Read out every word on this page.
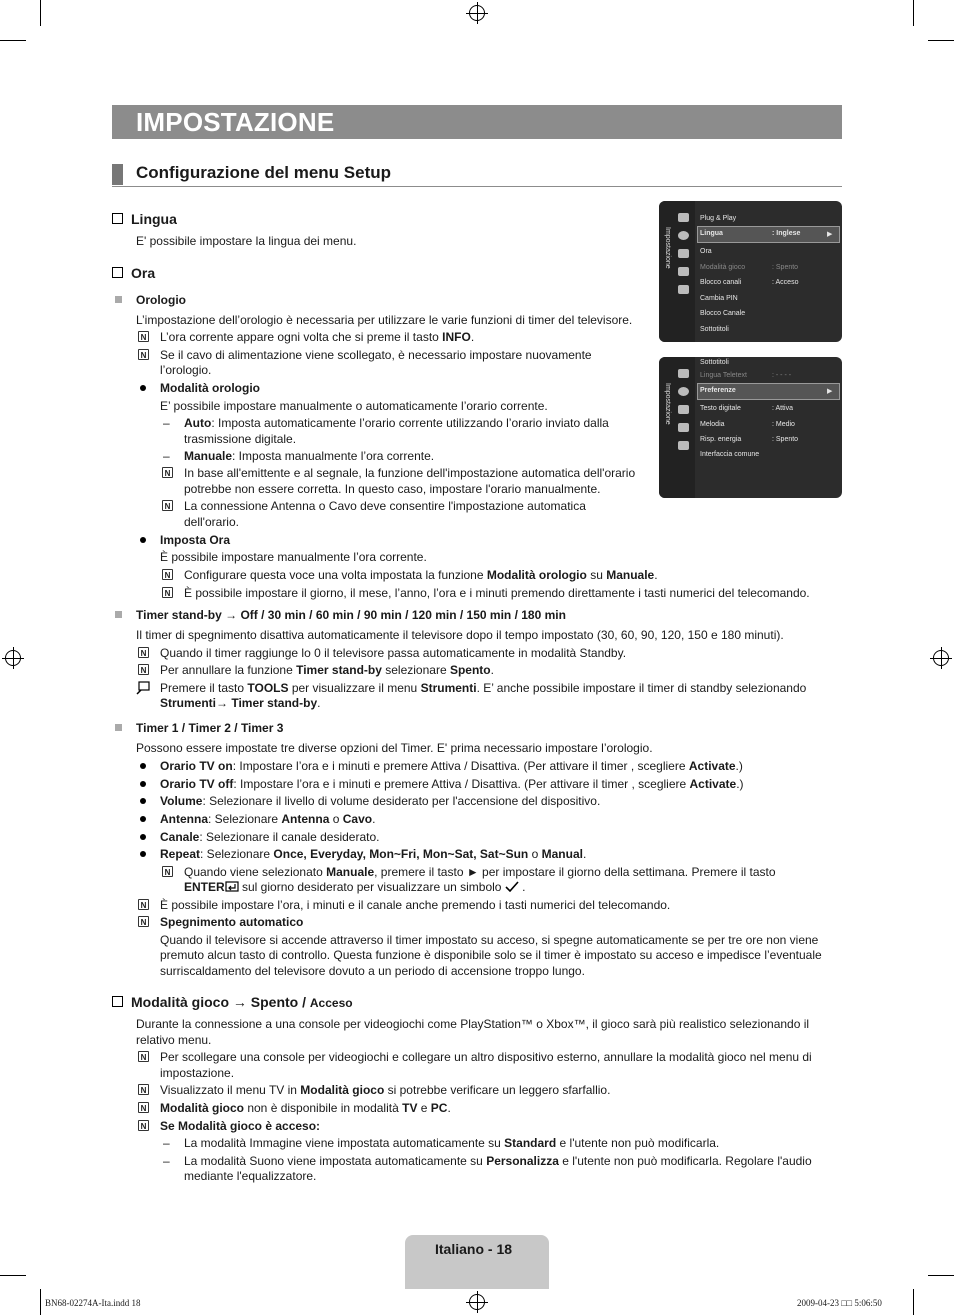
IMPOSTAZIONE
Configurazione del menu Setup
Lingua
E' possibile impostare la lingua dei menu.
Ora
Orologio
L’impostazione dell’orologio è necessaria per utilizzare le varie funzioni di timer del televisore.
N L’ora corrente appare ogni volta che si preme il tasto INFO.
N Se il cavo di alimentazione viene scollegato, è necessario impostare nuovamente
l’orologio.
Modalità orologio
E’ possibile impostare manualmente o automaticamente l’orario corrente.
– Auto: Imposta automaticamente l’orario corrente utilizzando l’orario inviato dalla
trasmissione digitale.
– Manuale: Imposta manualmente l’ora corrente.
N In base all'emittente e al segnale, la funzione dell'impostazione automatica dell'orario
potrebbe non essere corretta. In questo caso, impostare l'orario manualmente.
N La connessione Antenna o Cavo deve consentire l'impostazione automatica
dell'orario.
Imposta Ora
È possibile impostare manualmente l’ora corrente.
N Configurare questa voce una volta impostata la funzione Modalità orologio su Manuale.
N È possibile impostare il giorno, il mese, l’anno, l’ora e i minuti premendo direttamente i tasti numerici del telecomando.
Timer stand-by → Off / 30 min / 60 min / 90 min / 120 min / 150 min / 180 min
Il timer di spegnimento disattiva automaticamente il televisore dopo il tempo impostato (30, 60, 90, 120, 150 e 180 minuti).
N Quando il timer raggiunge lo 0 il televisore passa automaticamente in modalità Standby.
N Per annullare la funzione Timer stand-by selezionare Spento.
Premere il tasto TOOLS per visualizzare il menu Strumenti. E’ anche possibile impostare il timer di standby selezionando
Strumenti→ Timer stand-by.
Timer 1 / Timer 2 / Timer 3
Possono essere impostate tre diverse opzioni del Timer. E' prima necessario impostare l’orologio.
Orario TV on: Impostare l’ora e i minuti e premere Attiva / Disattiva. (Per attivare il timer , scegliere Activate.)
Orario TV off: Impostare l’ora e i minuti e premere Attiva / Disattiva. (Per attivare il timer , scegliere Activate.)
Volume: Selezionare il livello di volume desiderato per l'accensione del dispositivo.
Antenna: Selezionare Antenna o Cavo.
Canale: Selezionare il canale desiderato.
Repeat: Selezionare Once, Everyday, Mon~Fri, Mon~Sat, Sat~Sun o Manual.
N Quando viene selezionato Manuale, premere il tasto ► per impostare il giorno della settimana. Premere il tasto
ENTER sul giorno desiderato per visualizzare un simbolo  .
N È possibile impostare l’ora, i minuti e il canale anche premendo i tasti numerici del telecomando.
N Spegnimento automatico
Quando il televisore si accende attraverso il timer impostato su acceso, si spegne automaticamente se per tre ore non viene
premuto alcun tasto di controllo. Questa funzione è disponibile solo se il timer è impostato su acceso e impedisce l’eventuale
surriscaldamento del televisore dovuto a un periodo di accensione troppo lungo.
Modalità gioco → Spento / Acceso
Durante la connessione a una console per videogiochi come PlayStation™ o Xbox™, il gioco sarà più realistico selezionando il
relativo menu.
N Per scollegare una console per videogiochi e collegare un altro dispositivo esterno, annullare la modalità gioco nel menu di
impostazione.
N Visualizzato il menu TV in Modalità gioco si potrebbe verificare un leggero sfarfallio.
N Modalità gioco non è disponibile in modalità TV e PC.
N Se Modalità gioco è acceso:
– La modalità Immagine viene impostata automaticamente su Standard e l'utente non può modificarla.
– La modalità Suono viene impostata automaticamente su Personalizza e l'utente non può modificarla. Regolare l'audio
mediante l'equalizzatore.
Impostazione
Plug & Play
Lingua	: Inglese	▶
Ora
Modalità gioco	: Spento
Blocco canali	: Acceso
Cambia PIN
Blocco Canale
Sottotitoli
Impostazione
Sottotitoli
Lingua Teletext	: - - - -
Preferenze	▶
Testo digitale	: Attiva
Melodia	: Medio
Risp. energia	: Spento
Interfaccia comune
Italiano - 18
BN68-02274A-Ita.indd 18	2009-04-23 □□ 5:06:50
